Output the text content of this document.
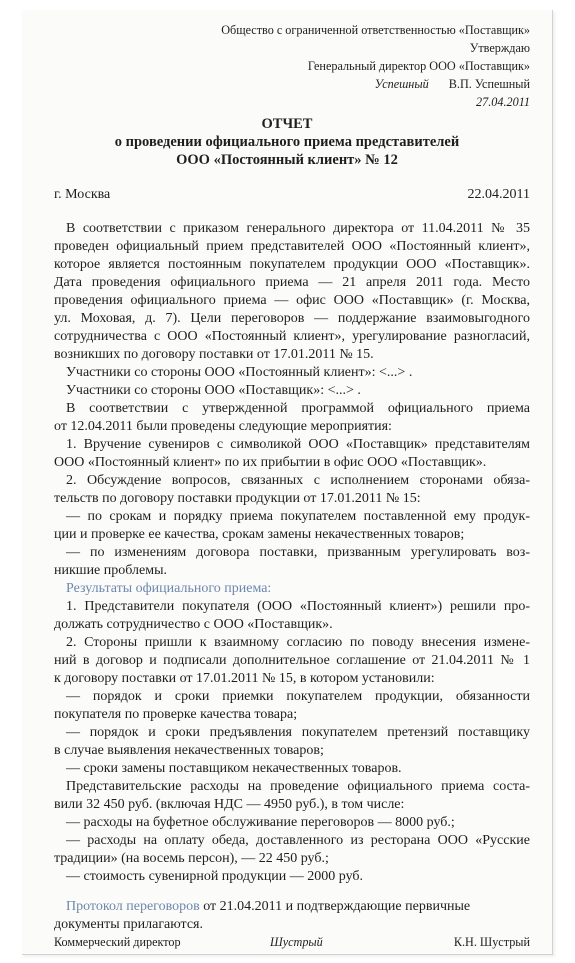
Общество с ограниченной ответственностью «Поставщик»
Утверждаю
Генеральный директор ООО «Поставщик»
Успешный В.П. Успешный
27.04.2011
ОТЧЕТ
о проведении официального приема представителей
ООО «Постоянный клиент» № 12
г. Москва	22.04.2011
В соответствии с приказом генерального директора от 11.04.2011 № 35
проведен официальный прием представителей ООО «Постоянный клиент»,
которое является постоянным покупателем продукции ООО «Поставщик».
Дата проведения официального приема — 21 апреля 2011 года. Место
проведения официального приема — офис ООО «Поставщик» (г. Москва,
ул. Моховая, д. 7). Цели переговоров — поддержание взаимовыгодного
сотрудничества с ООО «Постоянный клиент», урегулирование разногласий,
возникших по договору поставки от 17.01.2011 № 15.
Участники со стороны ООО «Постоянный клиент»: <...> .
Участники со стороны ООО «Поставщик»: <...> .
В соответствии с утвержденной программой официального приема
от 12.04.2011 были проведены следующие мероприятия:
1. Вручение сувениров с символикой ООО «Поставщик» представителям
ООО «Постоянный клиент» по их прибытии в офис ООО «Поставщик».
2. Обсуждение вопросов, связанных с исполнением сторонами обяза-
тельств по договору поставки продукции от 17.01.2011 № 15:
— по срокам и порядку приема покупателем поставленной ему продук-
ции и проверке ее качества, срокам замены некачественных товаров;
— по изменениям договора поставки, призванным урегулировать воз-
никшие проблемы.
Результаты официального приема:
1. Представители покупателя (ООО «Постоянный клиент») решили про-
должать сотрудничество с ООО «Поставщик».
2. Стороны пришли к взаимному согласию по поводу внесения измене-
ний в договор и подписали дополнительное соглашение от 21.04.2011 № 1
к договору поставки от 17.01.2011 № 15, в котором установили:
— порядок и сроки приемки покупателем продукции, обязанности
покупателя по проверке качества товара;
— порядок и сроки предъявления покупателем претензий поставщику
в случае выявления некачественных товаров;
— сроки замены поставщиком некачественных товаров.
Представительские расходы на проведение официального приема соста-
вили 32 450 руб. (включая НДС — 4950 руб.), в том числе:
— расходы на буфетное обслуживание переговоров — 8000 руб.;
— расходы на оплату обеда, доставленного из ресторана ООО «Русские
традиции» (на восемь персон), — 22 450 руб.;
— стоимость сувенирной продукции — 2000 руб.
Протокол переговоров от 21.04.2011 и подтверждающие первичные
документы прилагаются.
Коммерческий директор	Шустрый	К.Н. Шустрый
